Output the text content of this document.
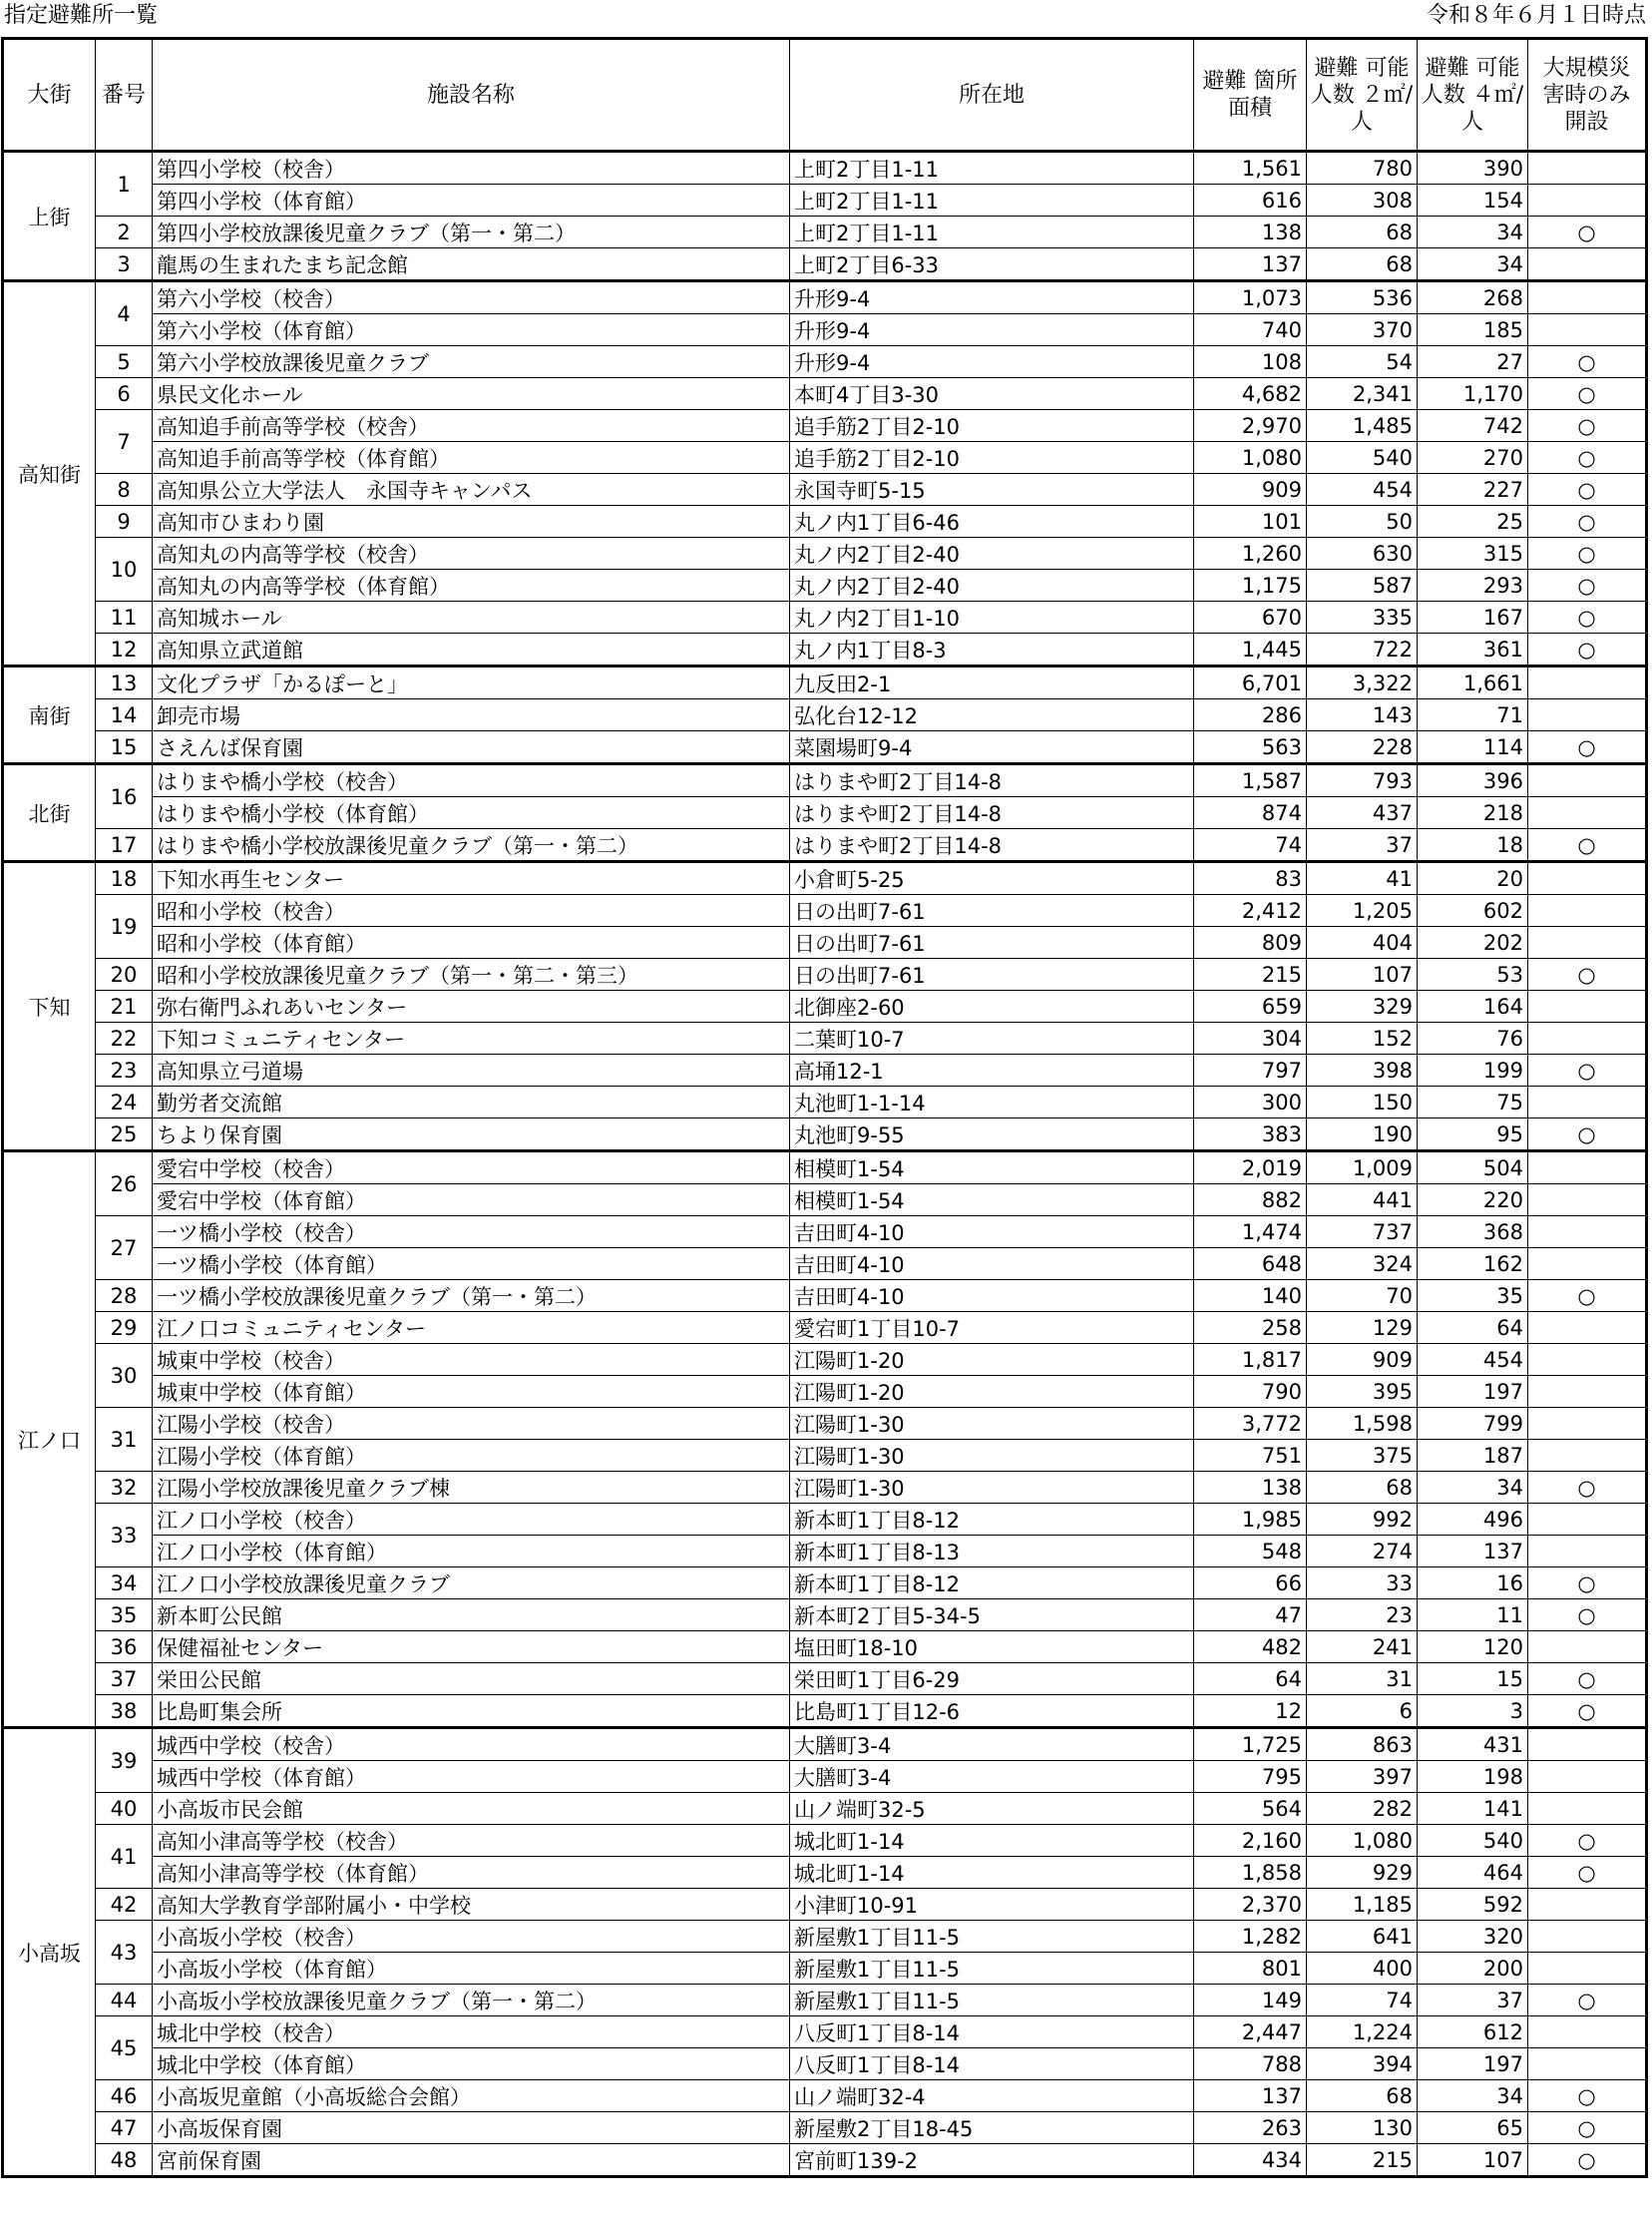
指定避難所一覧	令和８年６月１日時点
大街	番号	施設名称	所在地	避難 箇所面積	避難 可能人数 ２㎡/人	避難 可能人数 ４㎡/人	大規模災 害時のみ 開設
上街	1	第四小学校（校舎）	上町2丁目1-11	1,561	780	390	
		第四小学校（体育館）	上町2丁目1-11	616	308	154	
	2	第四小学校放課後児童クラブ（第一・第二）	上町2丁目1-11	138	68	34	○
	3	龍馬の生まれたまち記念館	上町2丁目6-33	137	68	34	
高知街	4	第六小学校（校舎）	升形9-4	1,073	536	268	
		第六小学校（体育館）	升形9-4	740	370	185	
	5	第六小学校放課後児童クラブ	升形9-4	108	54	27	○
	6	県民文化ホール	本町4丁目3-30	4,682	2,341	1,170	○
	7	高知追手前高等学校（校舎）	追手筋2丁目2-10	2,970	1,485	742	○
		高知追手前高等学校（体育館）	追手筋2丁目2-10	1,080	540	270	○
	8	高知県公立大学法人　永国寺キャンパス	永国寺町5-15	909	454	227	○
	9	高知市ひまわり園	丸ノ内1丁目6-46	101	50	25	○
	10	高知丸の内高等学校（校舎）	丸ノ内2丁目2-40	1,260	630	315	○
		高知丸の内高等学校（体育館）	丸ノ内2丁目2-40	1,175	587	293	○
	11	高知城ホール	丸ノ内2丁目1-10	670	335	167	○
	12	高知県立武道館	丸ノ内1丁目8-3	1,445	722	361	○
南街	13	文化プラザ「かるぽーと」	九反田2-1	6,701	3,322	1,661	
	14	卸売市場	弘化台12-12	286	143	71	
	15	さえんば保育園	菜園場町9-4	563	228	114	○
北街	16	はりまや橋小学校（校舎）	はりまや町2丁目14-8	1,587	793	396	
		はりまや橋小学校（体育館）	はりまや町2丁目14-8	874	437	218	
	17	はりまや橋小学校放課後児童クラブ（第一・第二）	はりまや町2丁目14-8	74	37	18	○
下知	18	下知水再生センター	小倉町5-25	83	41	20	
	19	昭和小学校（校舎）	日の出町7-61	2,412	1,205	602	
		昭和小学校（体育館）	日の出町7-61	809	404	202	
	20	昭和小学校放課後児童クラブ（第一・第二・第三）	日の出町7-61	215	107	53	○
	21	弥右衛門ふれあいセンター	北御座2-60	659	329	164	
	22	下知コミュニティセンター	二葉町10-7	304	152	76	
	23	高知県立弓道場	高埇12-1	797	398	199	○
	24	勤労者交流館	丸池町1-1-14	300	150	75	
	25	ちより保育園	丸池町9-55	383	190	95	○
江ノ口	26	愛宕中学校（校舎）	相模町1-54	2,019	1,009	504	
		愛宕中学校（体育館）	相模町1-54	882	441	220	
	27	一ツ橋小学校（校舎）	吉田町4-10	1,474	737	368	
		一ツ橋小学校（体育館）	吉田町4-10	648	324	162	
	28	一ツ橋小学校放課後児童クラブ（第一・第二）	吉田町4-10	140	70	35	○
	29	江ノ口コミュニティセンター	愛宕町1丁目10-7	258	129	64	
	30	城東中学校（校舎）	江陽町1-20	1,817	909	454	
		城東中学校（体育館）	江陽町1-20	790	395	197	
	31	江陽小学校（校舎）	江陽町1-30	3,772	1,598	799	
		江陽小学校（体育館）	江陽町1-30	751	375	187	
	32	江陽小学校放課後児童クラブ棟	江陽町1-30	138	68	34	○
	33	江ノ口小学校（校舎）	新本町1丁目8-12	1,985	992	496	
		江ノ口小学校（体育館）	新本町1丁目8-13	548	274	137	
	34	江ノ口小学校放課後児童クラブ	新本町1丁目8-12	66	33	16	○
	35	新本町公民館	新本町2丁目5-34-5	47	23	11	○
	36	保健福祉センター	塩田町18-10	482	241	120	
	37	栄田公民館	栄田町1丁目6-29	64	31	15	○
	38	比島町集会所	比島町1丁目12-6	12	6	3	○
小高坂	39	城西中学校（校舎）	大膳町3-4	1,725	863	431	
		城西中学校（体育館）	大膳町3-4	795	397	198	
	40	小高坂市民会館	山ノ端町32-5	564	282	141	
	41	高知小津高等学校（校舎）	城北町1-14	2,160	1,080	540	○
		高知小津高等学校（体育館）	城北町1-14	1,858	929	464	○
	42	高知大学教育学部附属小・中学校	小津町10-91	2,370	1,185	592	
	43	小高坂小学校（校舎）	新屋敷1丁目11-5	1,282	641	320	
		小高坂小学校（体育館）	新屋敷1丁目11-5	801	400	200	
	44	小高坂小学校放課後児童クラブ（第一・第二）	新屋敷1丁目11-5	149	74	37	○
	45	城北中学校（校舎）	八反町1丁目8-14	2,447	1,224	612	
		城北中学校（体育館）	八反町1丁目8-14	788	394	197	
	46	小高坂児童館（小高坂総合会館）	山ノ端町32-4	137	68	34	○
	47	小高坂保育園	新屋敷2丁目18-45	263	130	65	○
	48	宮前保育園	宮前町139-2	434	215	107	○
